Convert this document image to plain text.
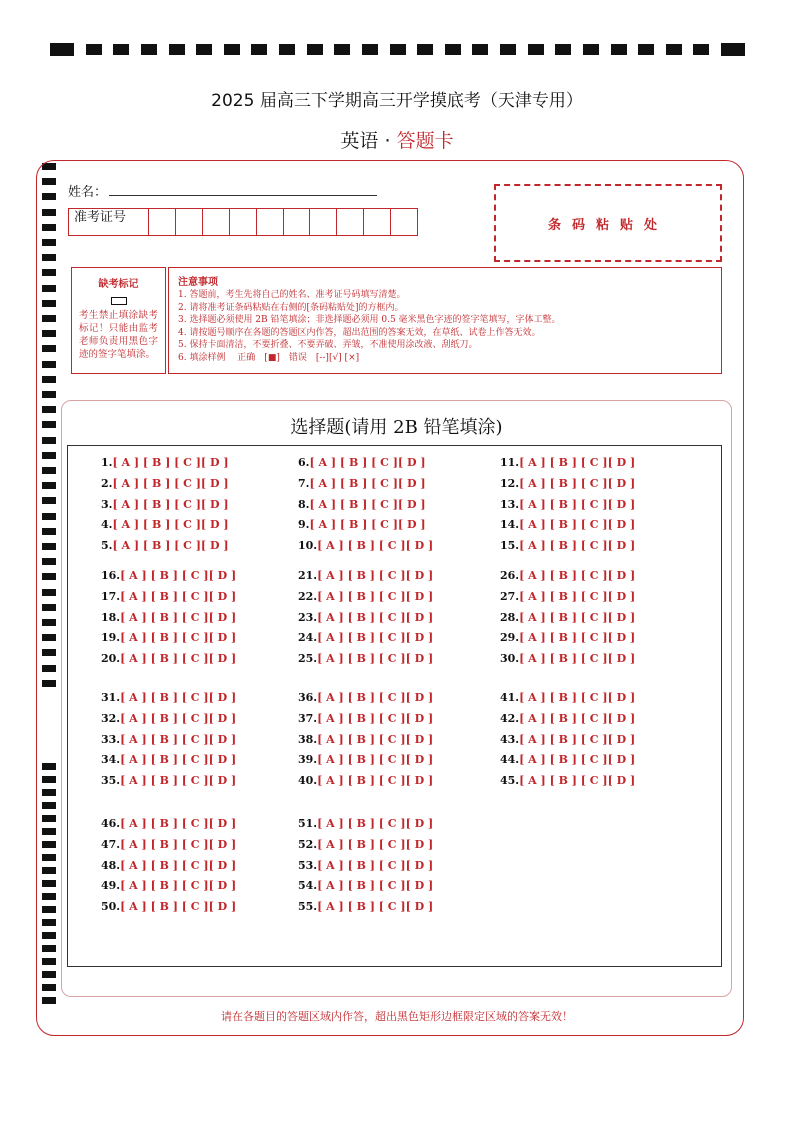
2025 届高三下学期高三开学摸底考（天津专用）
英语 · 答题卡
姓名：
准考证号	条码粘贴处
缺考标记
考生禁止填涂缺考标记！只能由监考老师负责用黑色字迹的签字笔填涂。
注意事项
1. 答题前，考生先将自己的姓名、准考证号码填写清楚。
2. 请将准考证条码粘贴在右侧的[条码粘贴处]的方框内。
3. 选择题必须使用 2B 铅笔填涂；非选择题必须用 0.5 毫米黑色字迹的签字笔填写，字体工整。
4. 请按题号顺序在各题的答题区内作答，超出范围的答案无效，在草纸、试卷上作答无效。
5. 保持卡面清洁，不要折叠、不要弄破、弄皱，不准使用涂改液、刮纸刀。
6. 填涂样例　 正确　[■]　错误　[--][√] [×]
选择题(请用 2B 铅笔填涂)
请在各题目的答题区域内作答，超出黑色矩形边框限定区域的答案无效！
1.[ A ] [ B ] [ C ][ D ]
2.[ A ] [ B ] [ C ][ D ]
3.[ A ] [ B ] [ C ][ D ]
4.[ A ] [ B ] [ C ][ D ]
5.[ A ] [ B ] [ C ][ D ]
6.[ A ] [ B ] [ C ][ D ]
7.[ A ] [ B ] [ C ][ D ]
8.[ A ] [ B ] [ C ][ D ]
9.[ A ] [ B ] [ C ][ D ]
10.[ A ] [ B ] [ C ][ D ]
11.[ A ] [ B ] [ C ][ D ]
12.[ A ] [ B ] [ C ][ D ]
13.[ A ] [ B ] [ C ][ D ]
14.[ A ] [ B ] [ C ][ D ]
15.[ A ] [ B ] [ C ][ D ]
16.[ A ] [ B ] [ C ][ D ]
17.[ A ] [ B ] [ C ][ D ]
18.[ A ] [ B ] [ C ][ D ]
19.[ A ] [ B ] [ C ][ D ]
20.[ A ] [ B ] [ C ][ D ]
21.[ A ] [ B ] [ C ][ D ]
22.[ A ] [ B ] [ C ][ D ]
23.[ A ] [ B ] [ C ][ D ]
24.[ A ] [ B ] [ C ][ D ]
25.[ A ] [ B ] [ C ][ D ]
26.[ A ] [ B ] [ C ][ D ]
27.[ A ] [ B ] [ C ][ D ]
28.[ A ] [ B ] [ C ][ D ]
29.[ A ] [ B ] [ C ][ D ]
30.[ A ] [ B ] [ C ][ D ]
31.[ A ] [ B ] [ C ][ D ]
32.[ A ] [ B ] [ C ][ D ]
33.[ A ] [ B ] [ C ][ D ]
34.[ A ] [ B ] [ C ][ D ]
35.[ A ] [ B ] [ C ][ D ]
36.[ A ] [ B ] [ C ][ D ]
37.[ A ] [ B ] [ C ][ D ]
38.[ A ] [ B ] [ C ][ D ]
39.[ A ] [ B ] [ C ][ D ]
40.[ A ] [ B ] [ C ][ D ]
41.[ A ] [ B ] [ C ][ D ]
42.[ A ] [ B ] [ C ][ D ]
43.[ A ] [ B ] [ C ][ D ]
44.[ A ] [ B ] [ C ][ D ]
45.[ A ] [ B ] [ C ][ D ]
46.[ A ] [ B ] [ C ][ D ]
47.[ A ] [ B ] [ C ][ D ]
48.[ A ] [ B ] [ C ][ D ]
49.[ A ] [ B ] [ C ][ D ]
50.[ A ] [ B ] [ C ][ D ]
51.[ A ] [ B ] [ C ][ D ]
52.[ A ] [ B ] [ C ][ D ]
53.[ A ] [ B ] [ C ][ D ]
54.[ A ] [ B ] [ C ][ D ]
55.[ A ] [ B ] [ C ][ D ]
